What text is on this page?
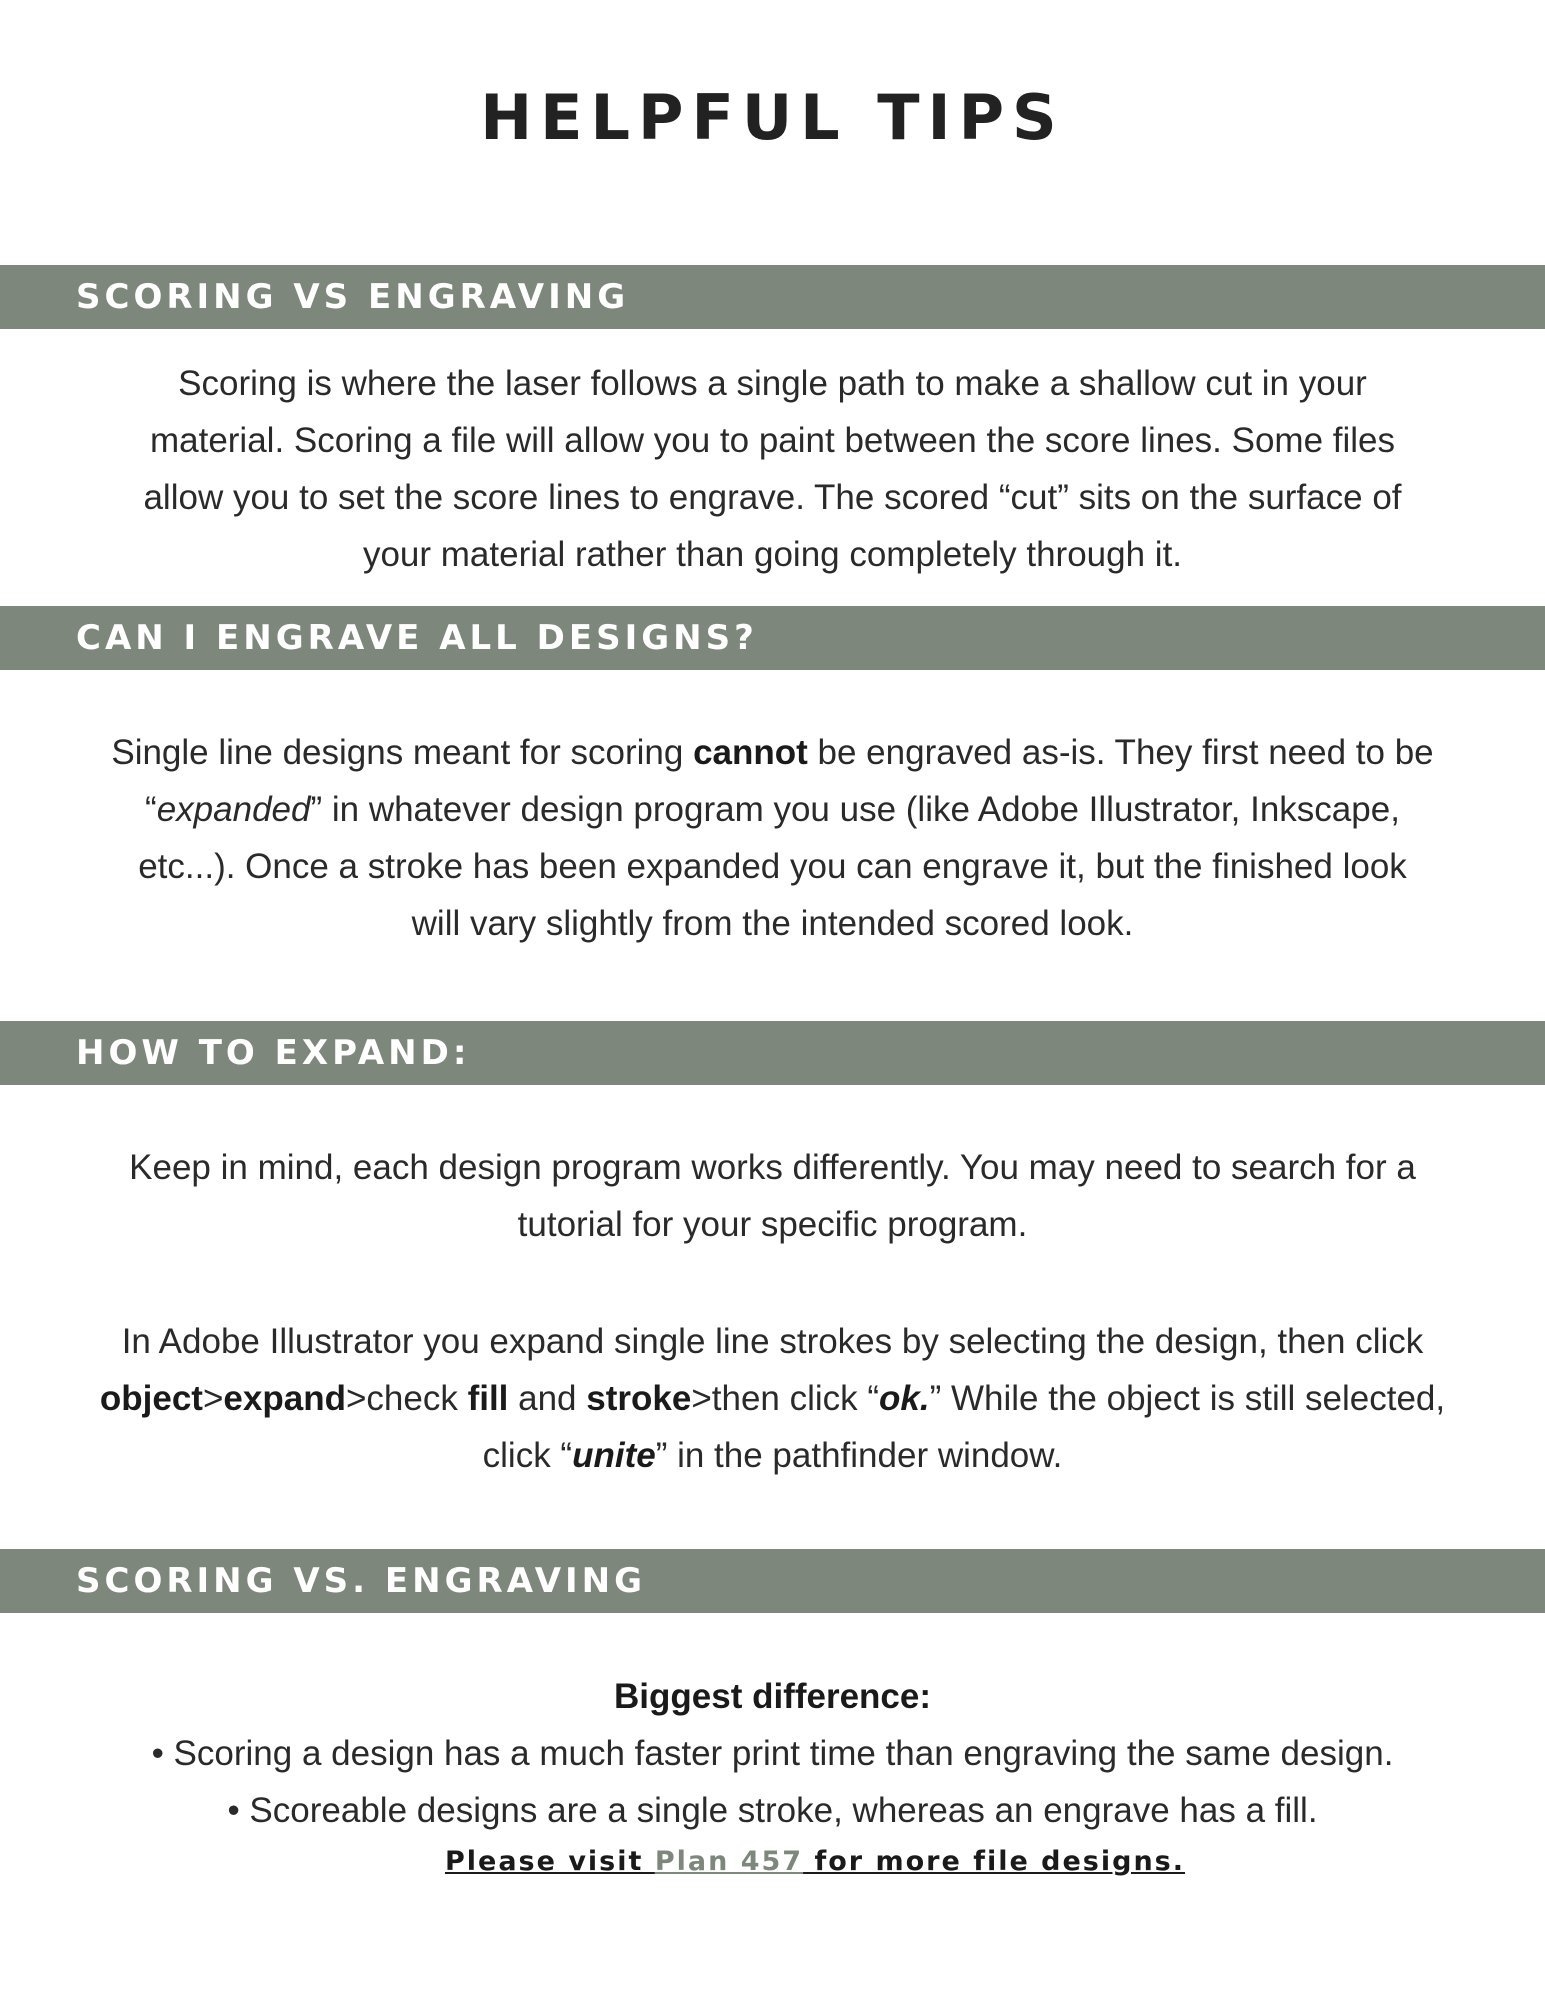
HELPFUL TIPS
SCORING VS ENGRAVING

Scoring is where the laser follows a single path to make a shallow cut in your

material. Scoring a file will allow you to paint between the score lines. Some files

allow you to set the score lines to engrave. The scored “cut” sits on the surface of

your material rather than going completely through it.

CAN I ENGRAVE ALL DESIGNS?

Single line designs meant for scoring cannot be engraved as-is. They first need to be

“expanded” in whatever design program you use (like Adobe Illustrator, Inkscape,

etc...). Once a stroke has been expanded you can engrave it, but the finished look

will vary slightly from the intended scored look.

HOW TO EXPAND:

Keep in mind, each design program works differently. You may need to search for a

tutorial for your specific program.

In Adobe Illustrator you expand single line strokes by selecting the design, then click

object>expand>check fill and stroke>then click “ok.” While the object is still selected,

click “unite” in the pathfinder window.

SCORING VS. ENGRAVING

Biggest difference:

• Scoring a design has a much faster print time than engraving the same design.

• Scoreable designs are a single stroke, whereas an engrave has a fill.

Please visit Plan 457 for more file designs.
